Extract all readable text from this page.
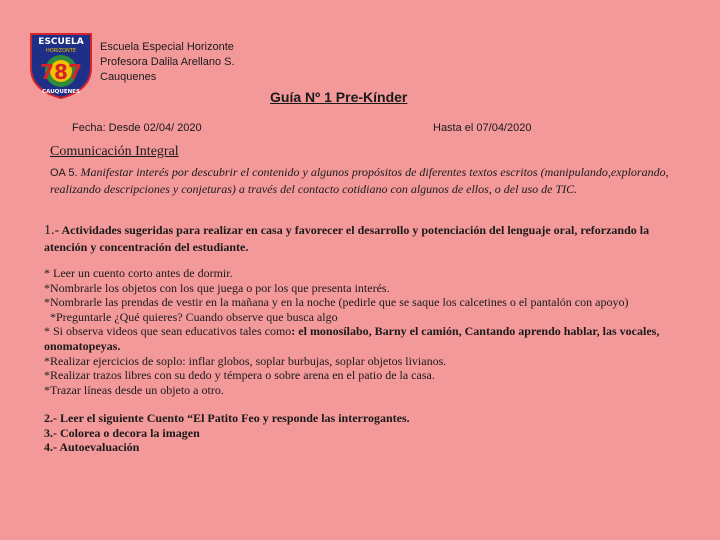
ESCUELA
HORIZONTE
787
CAUQUENES
Escuela Especial Horizonte
Profesora Dalila Arellano S.
Cauquenes
Guía Nº 1 Pre-Kínder
Fecha: Desde 02/04/ 2020	Hasta el 07/04/2020
Comunicación Integral
OA 5. Manifestar interés por descubrir el contenido y algunos propósitos de diferentes textos escritos (manipulando,explorando, realizando descripciones y conjeturas) a través del contacto cotidiano con algunos de ellos, o del uso de TIC.
1.- Actividades sugeridas para realizar en casa y favorecer el desarrollo y potenciación del lenguaje oral, reforzando la atención y concentración del estudiante.
* Leer un cuento corto antes de dormir.
*Nombrarle los objetos con los que juega o por los que presenta interés.
*Nombrarle las prendas de vestir en la mañana y en la noche (pedirle que se saque los calcetines o el pantalón con apoyo)
*Preguntarle ¿Qué quieres? Cuando observe que busca algo
* Si observa videos que sean educativos tales como: el monosílabo, Barny el camión, Cantando aprendo hablar, las vocales, onomatopeyas.
*Realizar ejercicios de soplo: inflar globos, soplar burbujas, soplar objetos livianos.
*Realizar trazos libres con su dedo y témpera o sobre arena en el patio de la casa.
*Trazar líneas desde un objeto a otro.
2.- Leer el siguiente Cuento “El Patito Feo y responde las interrogantes.
3.- Colorea o decora la imagen
4.- Autoevaluación
